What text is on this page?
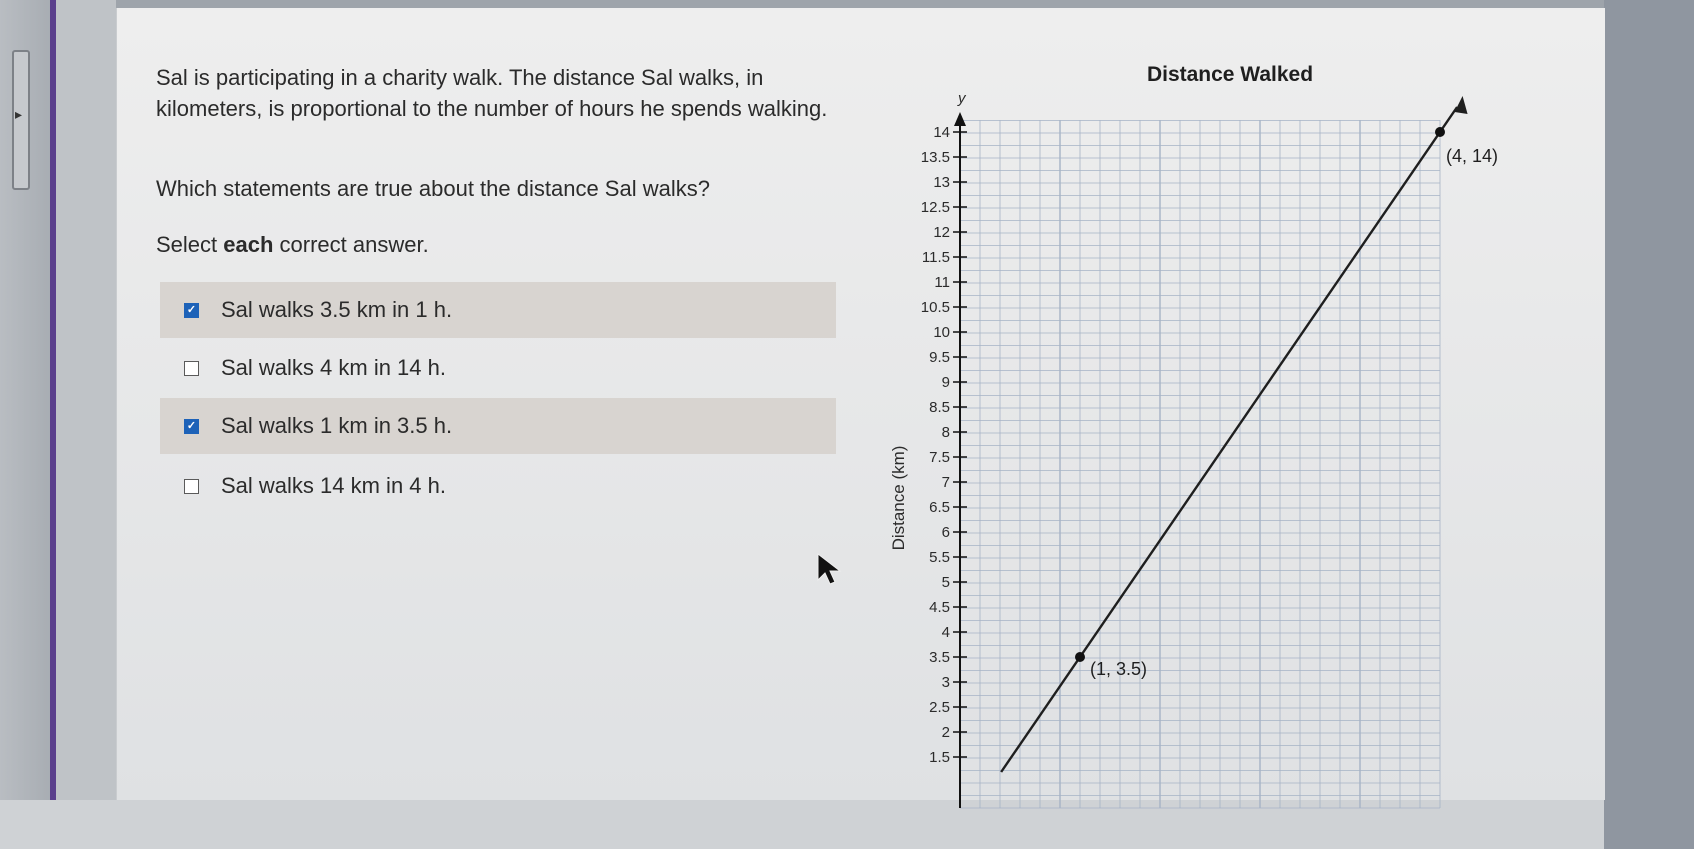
▸

Sal is participating in a charity walk. The distance Sal walks, in kilometers, is proportional to the number of hours he spends walking.

Which statements are true about the distance Sal walks?
Select each correct answer.
✓ Sal walks 3.5 km in 1 h.
Sal walks 4 km in 14 h.
✓ Sal walks 1 km in 3.5 h.
Sal walks 14 km in 4 h.
Distance Walked
y
Distance (km)
1.5
2
2.5
3
3.5
4
4.5
5
5.5
6
6.5
7
7.5
8
8.5
9
9.5
10
10.5
11
11.5
12
12.5
13
13.5
14
(1, 3.5)
(4, 14)
